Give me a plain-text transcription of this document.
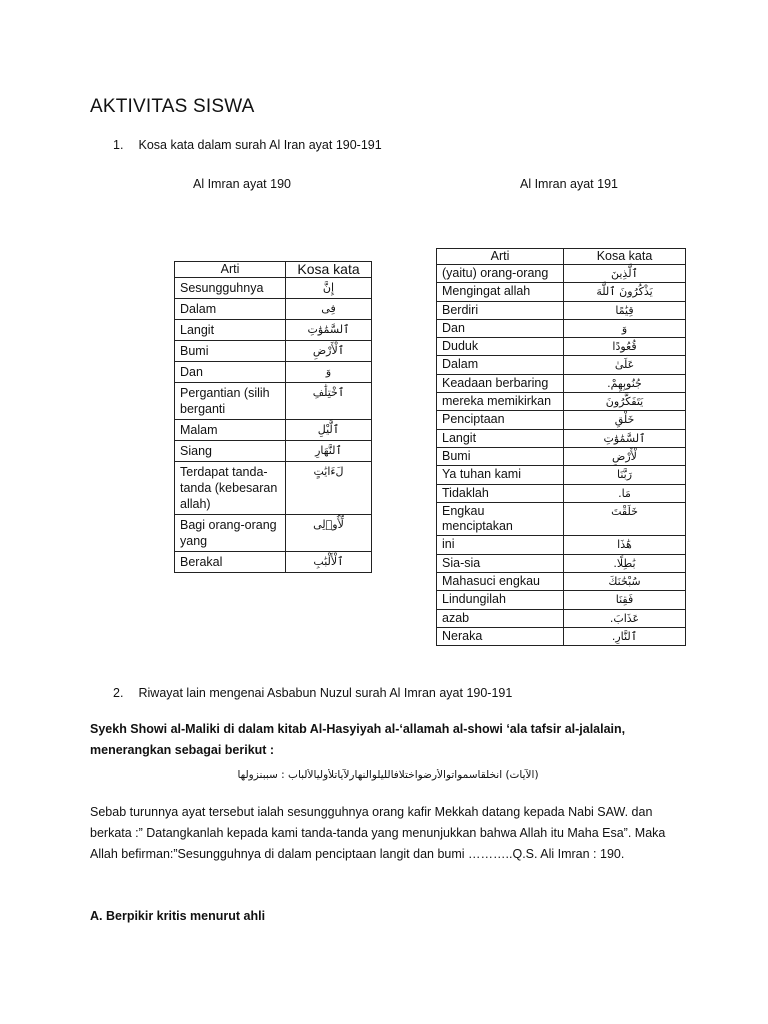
AKTIVITAS SISWA
1. Kosa kata dalam surah Al Iran ayat 190-191
Al Imran ayat 190	Al Imran ayat 191
Arti	Kosa kata
Sesungguhnya	إِنَّ
Dalam	فِى
Langit	ٱلسَّمَٰوَٰتِ
Bumi	ٱلْأَرْضِ
Dan	وَ
Pergantian (silih berganti	ٱخْتِلَٰفِ
Malam	ٱلَّيْلِ
Siang	ٱلنَّهَارِ
Terdapat tanda-tanda (kebesaran allah)	لَءَايَٰتٍ
Bagi orang-orang yang	لِّأُو۟لِى
Berakal	ٱلْأَلْبَٰبِ
Arti	Kosa kata
(yaitu) orang-orang	ٱلَّذِينَ
Mengingat allah	يَذْكُرُونَ ٱللَّهَ
Berdiri	قِيَٰمًا
Dan	وَ
Duduk	قُعُودًا
Dalam	عَلَىٰ
Keadaan berbaring	جُنُوبِهِمْ.
mereka memikirkan	يَتَفَكَّرُونَ
Penciptaan	خَلْقِ
Langit	ٱلسَّمَٰوَٰتِ
Bumi	لْأَرْضِ
Ya tuhan kami	رَبَّنَا
Tidaklah	مَا.
Engkau menciptakan	خَلَقْتَ
ini	هَٰذَا
Sia-sia	بَٰطِلًا.
Mahasuci engkau	سُبْحَٰنَكَ
Lindungilah	فَقِنَا
azab	عَذَابَ.
Neraka	ٱلنَّارِ.
2. Riwayat lain mengenai Asbabun Nuzul surah Al Imran ayat 190-191
Syekh Showi al-Maliki di dalam kitab Al-Hasyiyah al-‘allamah al-showi ‘ala tafsir al-jalalain, menerangkan sebagai berikut :
(الآيات) انخلقاسمواتوالأرضواختلافالليلوالنهارلآياتلأوليالألباب : سببنزولها
Sebab turunnya ayat tersebut ialah sesungguhnya orang kafir Mekkah datang kepada Nabi SAW. dan berkata :” Datangkanlah kepada kami tanda-tanda yang menunjukkan bahwa Allah itu Maha Esa”. Maka Allah befirman:”Sesungguhnya di dalam penciptaan langit dan bumi ………..Q.S. Ali Imran : 190.
A. Berpikir kritis menurut ahli
